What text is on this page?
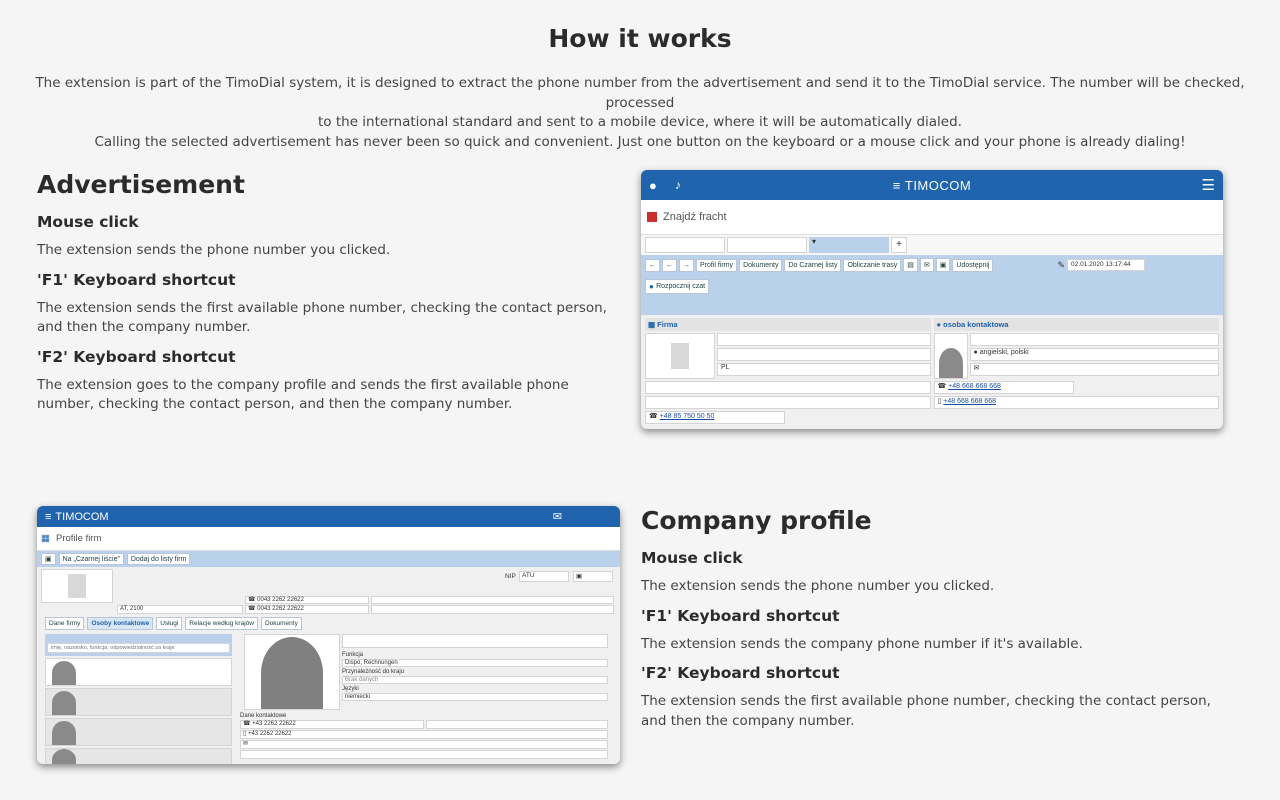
How it works
The extension is part of the TimoDial system, it is designed to extract the phone number from the advertisement and send it to the TimoDial service. The number will be checked, processed
to the international standard and sent to a mobile device, where it will be automatically dialed.
Calling the selected advertisement has never been so quick and convenient. Just one button on the keyboard or a mouse click and your phone is already dialing!
Advertisement
Mouse click

The extension sends the phone number you clicked.

'F1' Keyboard shortcut

The extension sends the first available phone number, checking the contact person, and then the company number.

'F2' Keyboard shortcut

The extension goes to the company profile and sends the first available phone number, checking the contact person, and then the company number.

Company profile
Mouse click

The extension sends the phone number you clicked.

'F1' Keyboard shortcut

The extension sends the company phone number if it's available.

'F2' Keyboard shortcut

The extension sends the first available phone number, checking the contact person, and then the company number.

● ♪	≡ TIMOCOM	☰
Znajdź fracht
▾	+
←	←	→	Profil firmy	Dokumenty	Do Czarnej listy	Obliczanie trasy	▤	✉	▣	Udostępnij	✎ 02.01.2020 13:17:44
● Rozpocznij czat
▦ Firma
PL
☎ +48 85 750 50 50
● osoba kontaktowa
● angielski, polski
✉
☎ +48 668 668 668
▯ +48 668 668 668
≡ TIMOCOM	✉
▦ Profile firm
▣	Na „Czarnej liście”	Dodaj do listy firm
NIP ATU	▣
AT, 2100
☎ 0043 2262 22622
☎ 0043 2262 22622
Dane firmy	Osoby kontaktowe	Usługi	Relacje według krajów	Dokumenty
imię, nazwisko, funkcja, odpowiedzialność za kraje
Funkcja
Dispo, Rechnungen
Przynależność do kraju
Brak danych
Języki
niemiecki
Dane kontaktowe
☎ +43 2262 22622
▯ +43 2262 22622
✉
